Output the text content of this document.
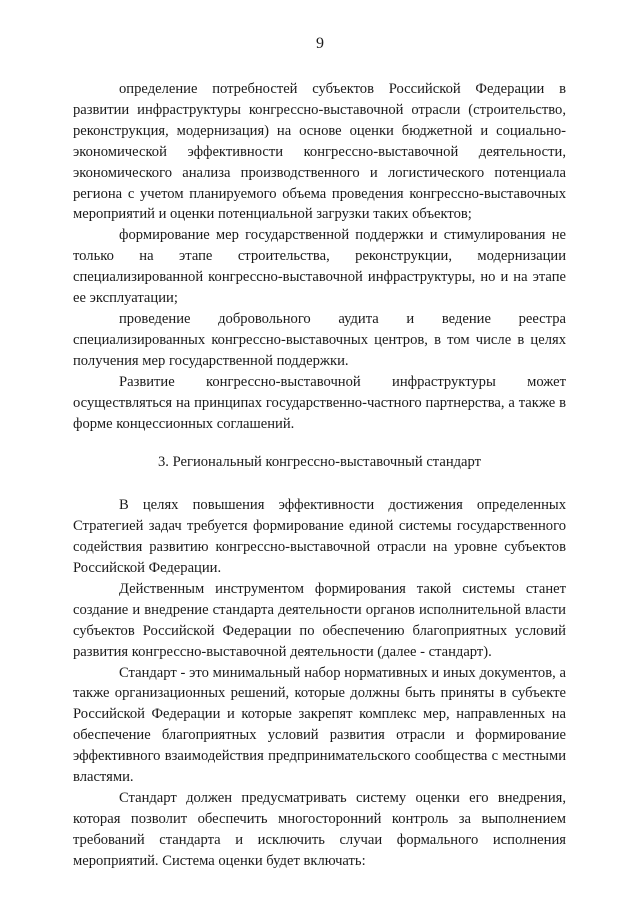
9

определение потребностей субъектов Российской Федерации в развитии инфраструктуры конгрессно-выставочной отрасли (строительство, реконструкция, модернизация) на основе оценки бюджетной и социально-экономической эффективности конгрессно-выставочной деятельности, экономического анализа производственного и логистического потенциала региона с учетом планируемого объема проведения конгрессно-выставочных мероприятий и оценки потенциальной загрузки таких объектов;

формирование мер государственной поддержки и стимулирования не только на этапе строительства, реконструкции, модернизации специализированной конгрессно-выставочной инфраструктуры, но и на этапе ее эксплуатации;

проведение добровольного аудита и ведение реестра специализированных конгрессно-выставочных центров, в том числе в целях получения мер государственной поддержки.

Развитие конгрессно-выставочной инфраструктуры может осуществляться на принципах государственно-частного партнерства, а также в форме концессионных соглашений.

3. Региональный конгрессно-выставочный стандарт

В целях повышения эффективности достижения определенных Стратегией задач требуется формирование единой системы государственного содействия развитию конгрессно-выставочной отрасли на уровне субъектов Российской Федерации.

Действенным инструментом формирования такой системы станет создание и внедрение стандарта деятельности органов исполнительной власти субъектов Российской Федерации по обеспечению благоприятных условий развития конгрессно-выставочной деятельности (далее - стандарт).

Стандарт - это минимальный набор нормативных и иных документов, а также организационных решений, которые должны быть приняты в субъекте Российской Федерации и которые закрепят комплекс мер, направленных на обеспечение благоприятных условий развития отрасли и формирование эффективного взаимодействия предпринимательского сообщества с местными властями.

Стандарт должен предусматривать систему оценки его внедрения, которая позволит обеспечить многосторонний контроль за выполнением требований стандарта и исключить случаи формального исполнения мероприятий. Система оценки будет включать:
